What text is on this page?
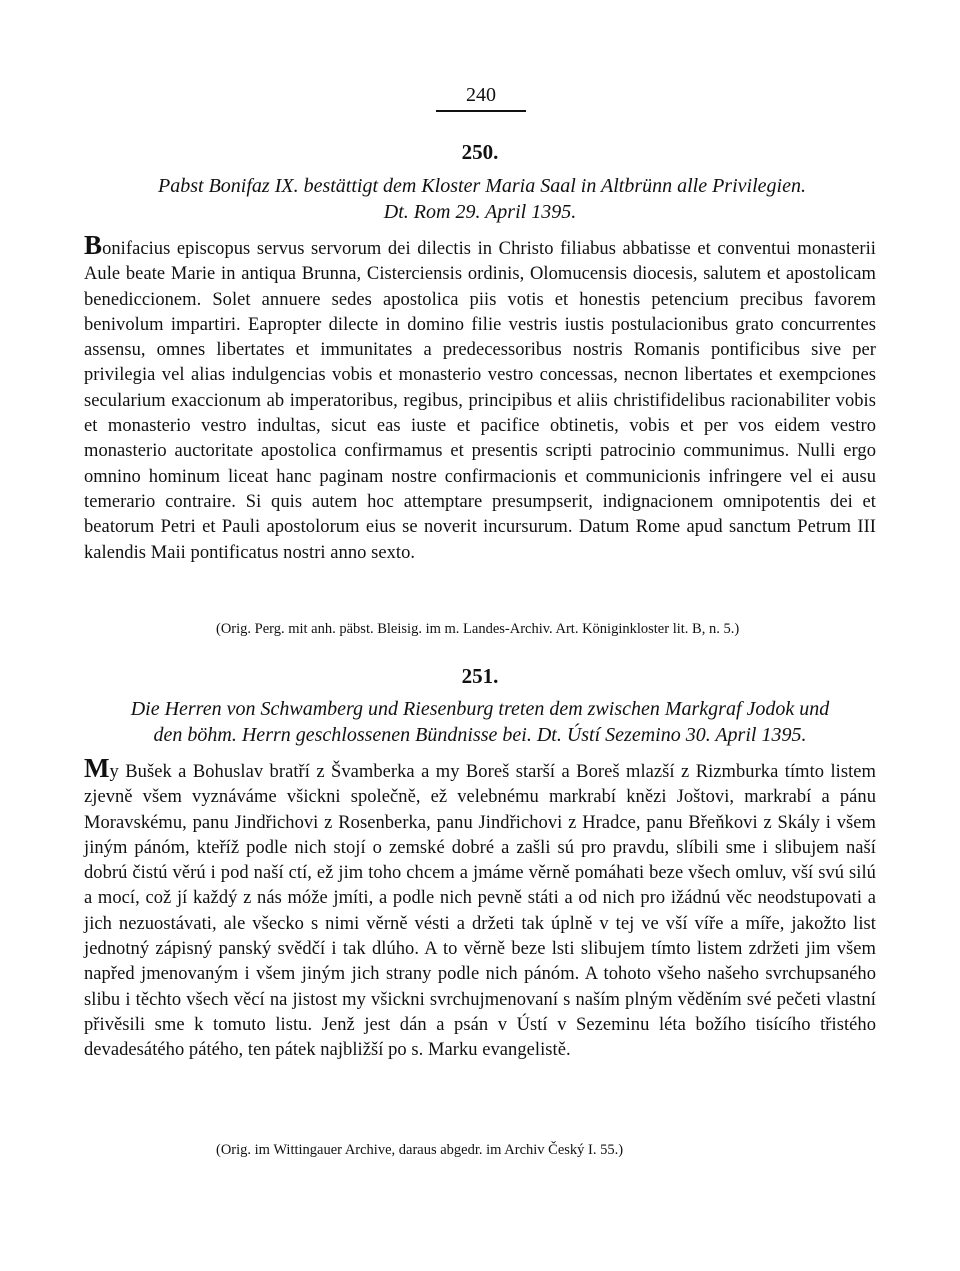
240
250.
Pabst Bonifaz IX. bestättigt dem Kloster Maria Saal in Altbrünn alle Privilegien.
Dt. Rom 29. April 1395.

Bonifacius episcopus servus servorum dei dilectis in Christo filiabus abbatisse et conventui monasterii Aule beate Marie in antiqua Brunna, Cisterciensis ordinis, Olomucensis diocesis, salutem et apostolicam benediccionem. Solet annuere sedes apostolica piis votis et honestis petencium precibus favorem benivolum impartiri. Eapropter dilecte in domino filie vestris iustis postulacionibus grato concurrentes assensu, omnes libertates et immunitates a predecessoribus nostris Romanis pontificibus sive per privilegia vel alias indulgencias vobis et monasterio vestro concessas, necnon libertates et exempciones secularium exaccionum ab imperatoribus, regibus, principibus et aliis christifidelibus racionabiliter vobis et monasterio vestro indultas, sicut eas iuste et pacifice obtinetis, vobis et per vos eidem vestro monasterio auctoritate apostolica confirmamus et presentis scripti patrocinio communimus. Nulli ergo omnino hominum liceat hanc paginam nostre confirmacionis et communicionis infringere vel ei ausu temerario contraire. Si quis autem hoc attemptare presumpserit, indignacionem omnipotentis dei et beatorum Petri et Pauli apostolorum eius se noverit incursurum. Datum Rome apud sanctum Petrum III kalendis Maii pontificatus nostri anno sexto.

(Orig. Perg. mit anh. päbst. Bleisig. im m. Landes-Archiv. Art. Königinkloster lit. B, n. 5.)
251.
Die Herren von Schwamberg und Riesenburg treten dem zwischen Markgraf Jodok und
den böhm. Herrn geschlossenen Bündnisse bei. Dt. Ústí Sezemino 30. April 1395.

My Bušek a Bohuslav bratří z Švamberka a my Boreš starší a Boreš mlazší z Rizmburka tímto listem zjevně všem vyznáváme všickni společně, ež velebnému markrabí knězi Joštovi, markrabí a pánu Moravskému, panu Jindřichovi z Rosenberka, panu Jindřichovi z Hradce, panu Břeňkovi z Skály i všem jiným pánóm, kteříž podle nich stojí o zemské dobré a zašli sú pro pravdu, slíbili sme i slibujem naší dobrú čistú věrú i pod naší ctí, ež jim toho chcem a jmáme věrně pomáhati beze všech omluv, vší svú silú a mocí, což jí každý z nás móže jmíti, a podle nich pevně státi a od nich pro ižádnú věc neodstupovati a jich nezuostávati, ale všecko s nimi věrně vésti a držeti tak úplně v tej ve vší víře a míře, jakožto list jednotný zápisný panský svědčí i tak dlúho. A to věrně beze lsti slibujem tímto listem zdržeti jim všem napřed jmenovaným i všem jiným jich strany podle nich pánóm. A tohoto všeho našeho svrchupsaného slibu i těchto všech věcí na jistost my všickni svrchujmenovaní s naším plným věděním své pečeti vlastní přivěsili sme k tomuto listu. Jenž jest dán a psán v Ústí v Sezeminu léta božího tisícího třistého devadesátého pátého, ten pátek najbližší po s. Marku evangelistě.

(Orig. im Wittingauer Archive, daraus abgedr. im Archiv Český I. 55.)
